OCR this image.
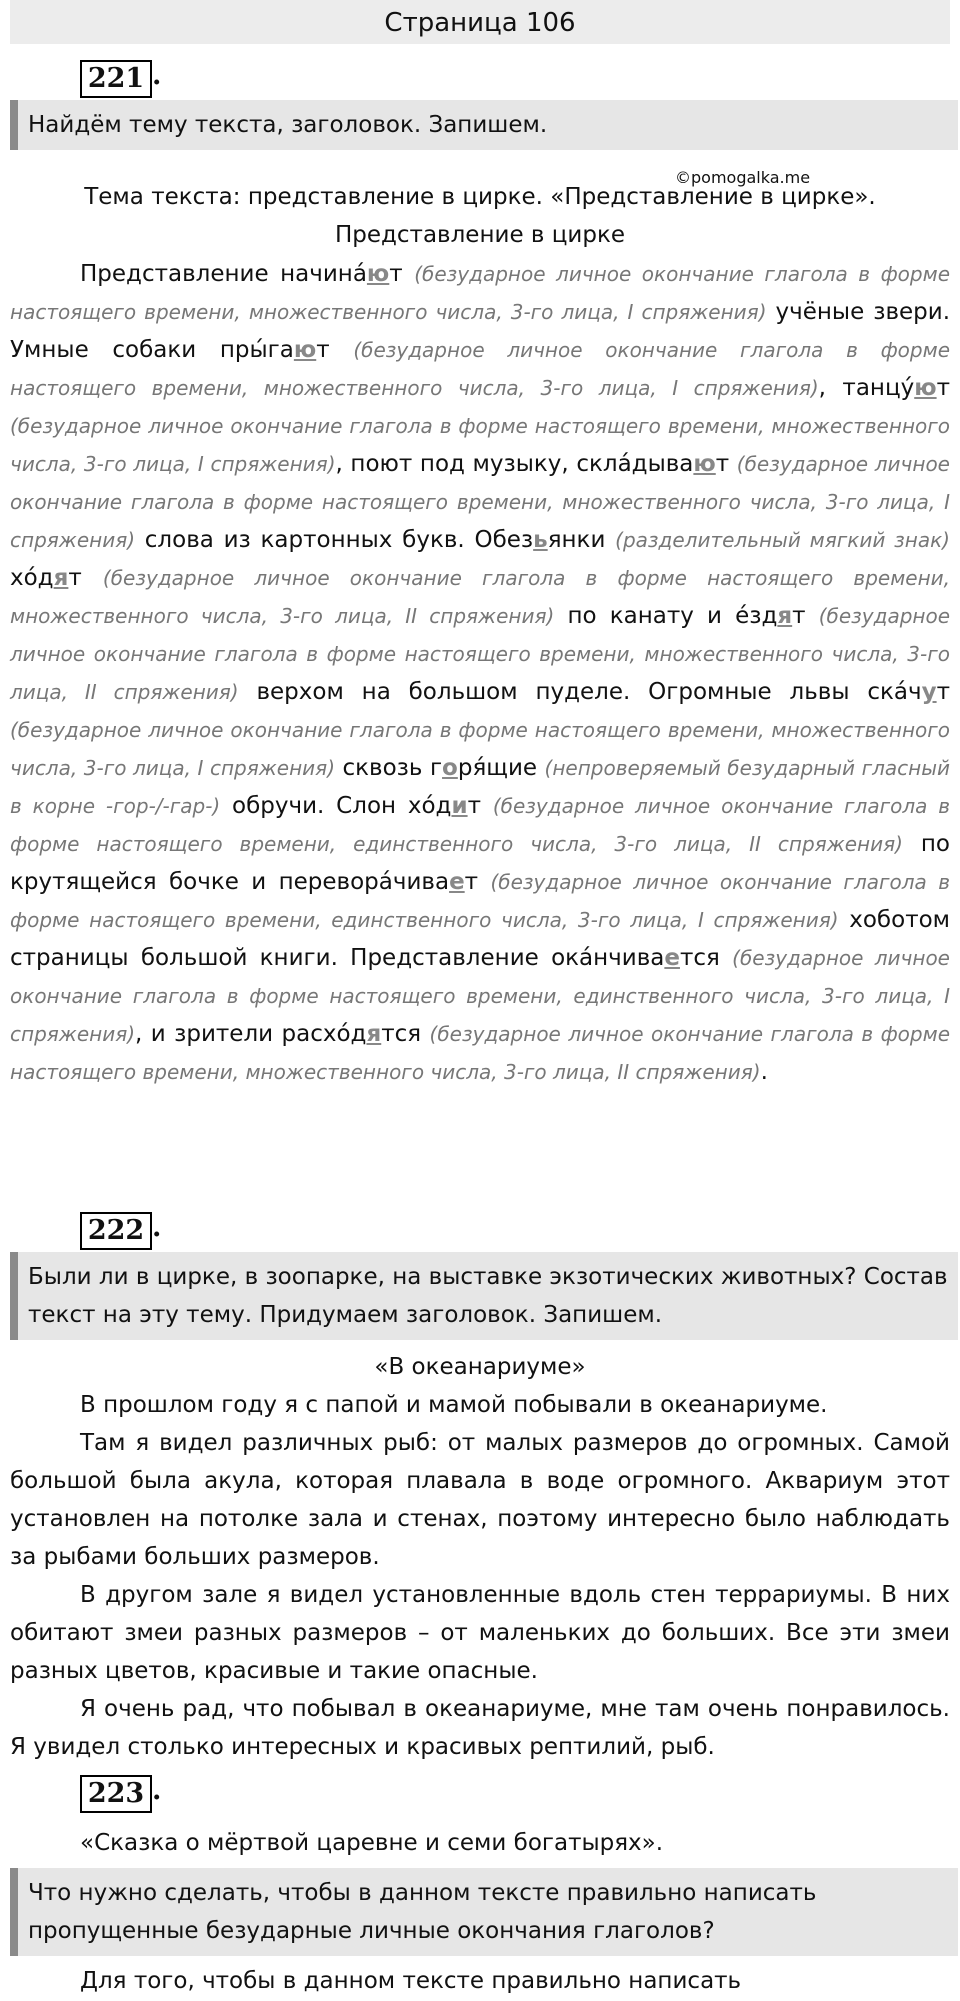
Страница 106
221 .
Найдём тему текста, заголовок. Запишем.
©pomogalka.me
Тема текста: представление в цирке. «Представление в цирке».
Представление в цирке

Представление начина́ют (безударное личное окончание глагола в форме настоящего времени, множественного числа, 3-го лица, I спряжения) учёные звери. Умные собаки пры́гают (безударное личное окончание глагола в форме настоящего времени, множественного числа, 3-го лица, I спряжения), танцу́ют (безударное личное окончание глагола в форме настоящего времени, множественного числа, 3-го лица, I спряжения), поют под музыку, скла́дывают (безударное личное окончание глагола в форме настоящего времени, множественного числа, 3-го лица, I спряжения) слова из картонных букв. Обезьянки (разделительный мягкий знак) хо́дят (безударное личное окончание глагола в форме настоящего времени, множественного числа, 3-го лица, II спряжения) по канату и е́здят (безударное личное окончание глагола в форме настоящего времени, множественного числа, 3-го лица, II спряжения) верхом на большом пуделе. Огромные львы ска́чут (безударное личное окончание глагола в форме настоящего времени, множественного числа, 3-го лица, I спряжения) сквозь горя́щие (непроверяемый безударный гласный в корне -гор-/-гар-) обручи. Слон хо́дит (безударное личное окончание глагола в форме настоящего времени, единственного числа, 3-го лица, II спряжения) по крутящейся бочке и перевора́чивает (безударное личное окончание глагола в форме настоящего времени, единственного числа, 3-го лица, I спряжения) хоботом страницы большой книги. Представление ока́нчивается (безударное личное окончание глагола в форме настоящего времени, единственного числа, 3-го лица, I спряжения), и зрители расхо́дятся (безударное личное окончание глагола в форме настоящего времени, множественного числа, 3-го лица, II спряжения).

222 .
Были ли в цирке, в зоопарке, на выставке экзотических животных? Состав текст на эту тему. Придумаем заголовок. Запишем.
«В океанариуме»

В прошлом году я с папой и мамой побывали в океанариуме.

Там я видел различных рыб: от малых размеров до огромных. Самой большой была акула, которая плавала в воде огромного. Аквариум этот установлен на потолке зала и стенах, поэтому интересно было наблюдать за рыбами больших размеров.

В другом зале я видел установленные вдоль стен террариумы. В них обитают змеи разных размеров – от маленьких до больших. Все эти змеи разных цветов, красивые и такие опасные.

Я очень рад, что побывал в океанариуме, мне там очень понравилось. Я увидел столько интересных и красивых рептилий, рыб.

223 .

«Сказка о мёртвой царевне и семи богатырях».

Что нужно сделать, чтобы в данном тексте правильно написать пропущенные безударные личные окончания глаголов?

Для того, чтобы в данном тексте правильно написать
